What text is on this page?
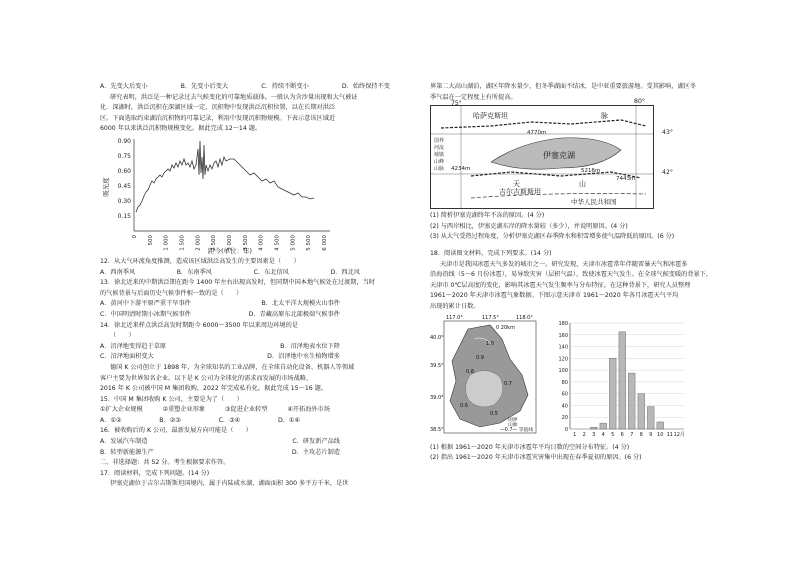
A．先变大后变小	B．先变小后变大	C．持续不断变小	D．始终保持不变
研究表明，洪泛是一种记录过去气候变化的可靠地质载体。一般认为含沙量出现和大气被证
化．深湖时，洪泛沉积在深湖区域一定，沉积物中发现洪泛沉积位置，以在长期对洪泛
区。下面选取约束湖泊沉积物的可靠记录，利用中发现沉积物规模。下表示意该区域近
6000 年以来洪泛沉积物规模变化。据此完成 12～14 题。
0.90
0.75
0.60
0.45
0.30
0.15
吸光度
0 500 1 000 1 500 2 000 2 500 3 000 3 500 4 000 4 500 5 000 5 500 6 000
距今(单位：年)
12．从大气环流角度推测，造成该区域洪泛高发生的主要因素是（　　）
A．西南季风	B．东南季风	C．东北信风	D．西北风
13．徐北近来的中期洪泛期在距今 1400 年左右出现高发时，但同期中国本地气候处在过渡期，当时
的气候背景与后面历史气候事件相一致的是（　　）
A．黄河中下游平原严重干旱事件	B．北太平洋大规模火山事件
C．中国明清时期小冰期气候事件	D．青藏高原东北部极端气候事件
14．徐北近来样点洪泛高发时期距今 6000～3500 年以来周边环境的是
（　　）
A．沼泽地变得趋于草原	B．沼泽地表水位下降
C．沼泽地面积变大	D．沼泽地中水生植物增多
德国 K 公司创立于 1898 年，为全球知名的工业品牌，在全球自动化设备、机器人等领域
客户主要为世界知名企业。以下是 K 公司为全球化的需求而发展的市场战略，
2016 年 K 公司被中国 M 集团收购，2022 年完成私有化。据此完成 15～16 题。
15．中国 M 集团收购 K 公司，主要是为了（　　）
①扩大企业规模	②重塑企业形象	③促进企业转型	④开拓海外市场
A．①②	B．②③	C．③④	D．①④
16．被收购后的 K 公司，最新发展方向可能是（　　）
A．发展汽车制造	C．研发新产品线
B．转型新能源生产	D．主攻芯片制造
二、非选择题：共 52 分。考生根据要求作答。
17．阅读材料，完成下列问题。(14 分)
伊塞克湖位于吉尔吉斯斯坦国境内，属于内陆咸水湖，湖面面积 300 多平方千米，是世
界第二大高山湖泊，湖区年降水量少，但冬季湖面不结冰，是中亚重要旅游地。受其影响，湖区冬
季气温在一定程度上有所提高。
75°
哈萨克斯坦	脉
伊塞克湖
4770m
4234m	5216m
7443m
天	山
吉尔吉斯斯坦
中华人民共和国
国界
河流
城镇
山峰
山脉
80°
43°
42°
(1) 简析伊塞克湖终年不冻的原因。(4 分)
(2) 与西岸相比，伊塞克湖东岸的降水量较（多少），并说明原因。(4 分)
(3) 从大气受热过程角度，分析伊塞克湖区春季降水和积雪增多使气温降低的原因。(6 分)
18．阅读图文材料，完成下列要求。(14 分)
天津市是我国冰雹天气多发的城市之一。研究发现，天津市冰雹常年伴随雷暴天气和冰雹多
沿海沿线（5～6 月份冰雹），易导致灾害（层积气温），致使冰雹天气发生。在全球气候变暖的背景下，
天津市 0℃层高度的变化，影响其冰雹天气发生频率与分布特征。在这种背景下，研究人员整理
1961～2020 年天津市冰雹气象数据。下图示意天津市 1961～2020 年各月冰雹天气平均
出现的累计日数。
1.0
0.9
0.8
0.7
0.6
0.5
0 20km
国界
山脉
—0.7— 等值线
40.0°
39.5°
39.0°
38.5°
117.0°	117.5°	118.0°
0
20
40
60
80
100
120
140
160
180
1 2 3 4 5 6 7 8 9 10 11 12月
(1) 根据 1961～2020 年天津市冰雹年平均日数的空间分布特征。(4 分)
(2) 指出 1961～2020 年天津市冰雹灾害集中出现在春季夏初的原因。(6 分)
